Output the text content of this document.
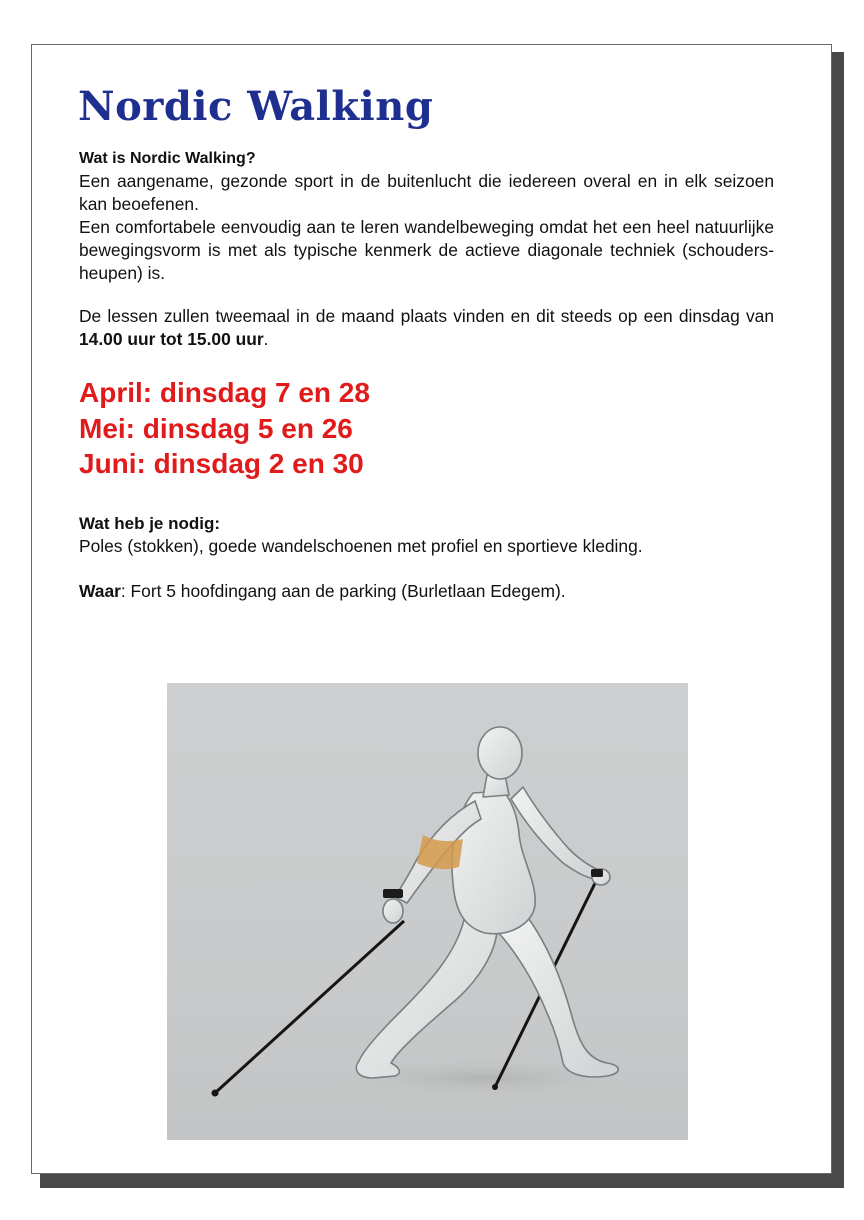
Nordic Walking

Wat is Nordic Walking?

Een aangename, gezonde sport in de buitenlucht die iedereen overal en in elk seizoen kan beoefenen.

Een comfortabele eenvoudig aan te leren wandelbeweging omdat het een heel natuurlijke bewegingsvorm is met als typische kenmerk de actieve diagonale techniek (schouders-heupen) is.

De lessen zullen tweemaal in de maand plaats vinden en dit steeds op een dinsdag van 14.00 uur tot 15.00 uur.

April: dinsdag 7 en 28
Mei: dinsdag 5 en 26
Juni: dinsdag 2 en 30

Wat heb je nodig:

Poles (stokken), goede wandelschoenen met profiel en sportieve kleding.

Waar: Fort 5 hoofdingang aan de parking (Burletlaan Edegem).
